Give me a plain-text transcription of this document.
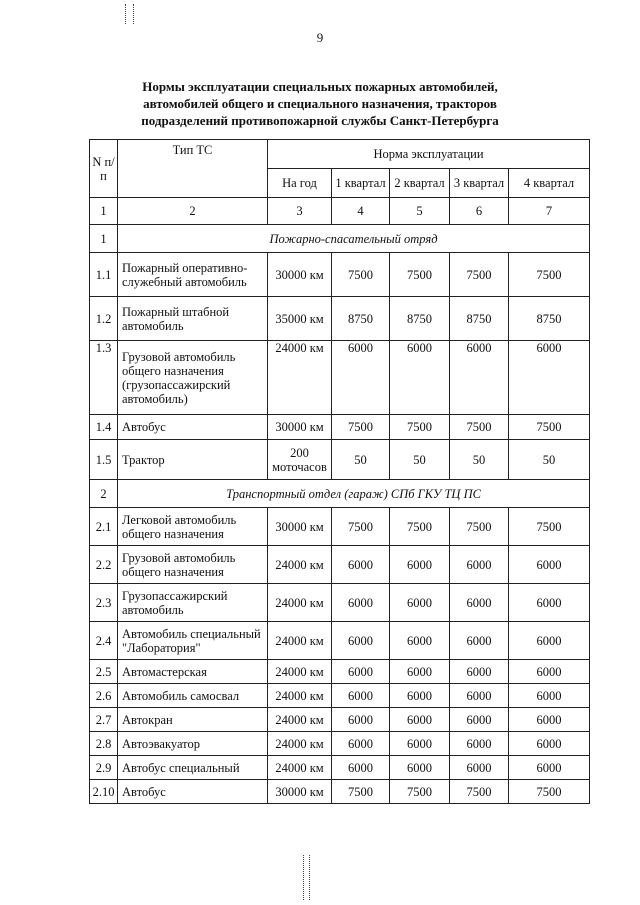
9
Нормы эксплуатации специальных пожарных автомобилей,
автомобилей общего и специального назначения, тракторов
подразделений противопожарной службы Санкт-Петербурга
N п/п	Тип ТС	Норма эксплуатации				
		На год	1 квартал	2 квартал	3 квартал	4 квартал
1	2	3	4	5	6	7
1	Пожарно-спасательный отряд					
1.1	Пожарный оперативно-служебный автомобиль	30000 км	7500	7500	7500	7500
1.2	Пожарный штабной автомобиль	35000 км	8750	8750	8750	8750
1.3	Грузовой автомобиль общего назначения (грузопассажирский автомобиль)	24000 км	6000	6000	6000	6000
1.4	Автобус	30000 км	7500	7500	7500	7500
1.5	Трактор	200 моточасов	50	50	50	50
2	Транспортный отдел (гараж) СПб ГКУ ТЦ ПС					
2.1	Легковой автомобиль общего назначения	30000 км	7500	7500	7500	7500
2.2	Грузовой автомобиль общего назначения	24000 км	6000	6000	6000	6000
2.3	Грузопассажирский автомобиль	24000 км	6000	6000	6000	6000
2.4	Автомобиль специальный "Лаборатория"	24000 км	6000	6000	6000	6000
2.5	Автомастерская	24000 км	6000	6000	6000	6000
2.6	Автомобиль самосвал	24000 км	6000	6000	6000	6000
2.7	Автокран	24000 км	6000	6000	6000	6000
2.8	Автоэвакуатор	24000 км	6000	6000	6000	6000
2.9	Автобус специальный	24000 км	6000	6000	6000	6000
2.10	Автобус	30000 км	7500	7500	7500	7500
